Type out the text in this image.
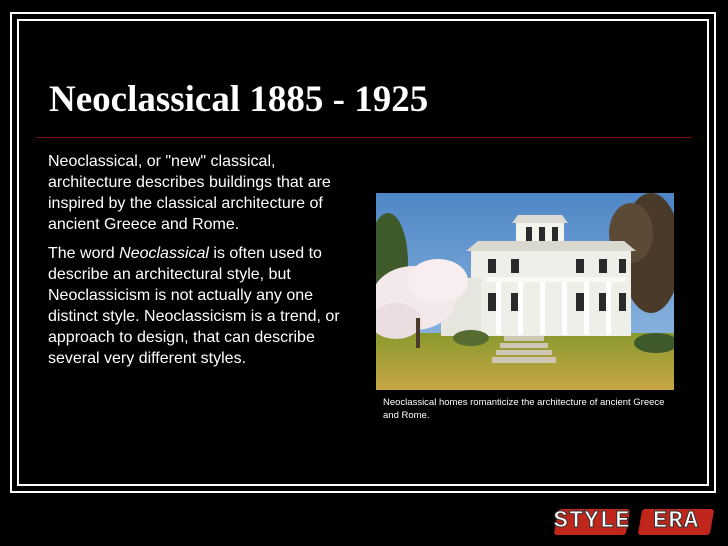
Neoclassical 1885 - 1925

Neoclassical, or "new" classical, architecture describes buildings that are inspired by the classical architecture of ancient Greece and Rome.

The word Neoclassical is often used to describe an architectural style, but Neoclassicism is not actually any one distinct style. Neoclassicism is a trend, or approach to design, that can describe several very different styles.

Neoclassical homes romanticize the architecture of ancient Greece and Rome.
STYLE ERA
